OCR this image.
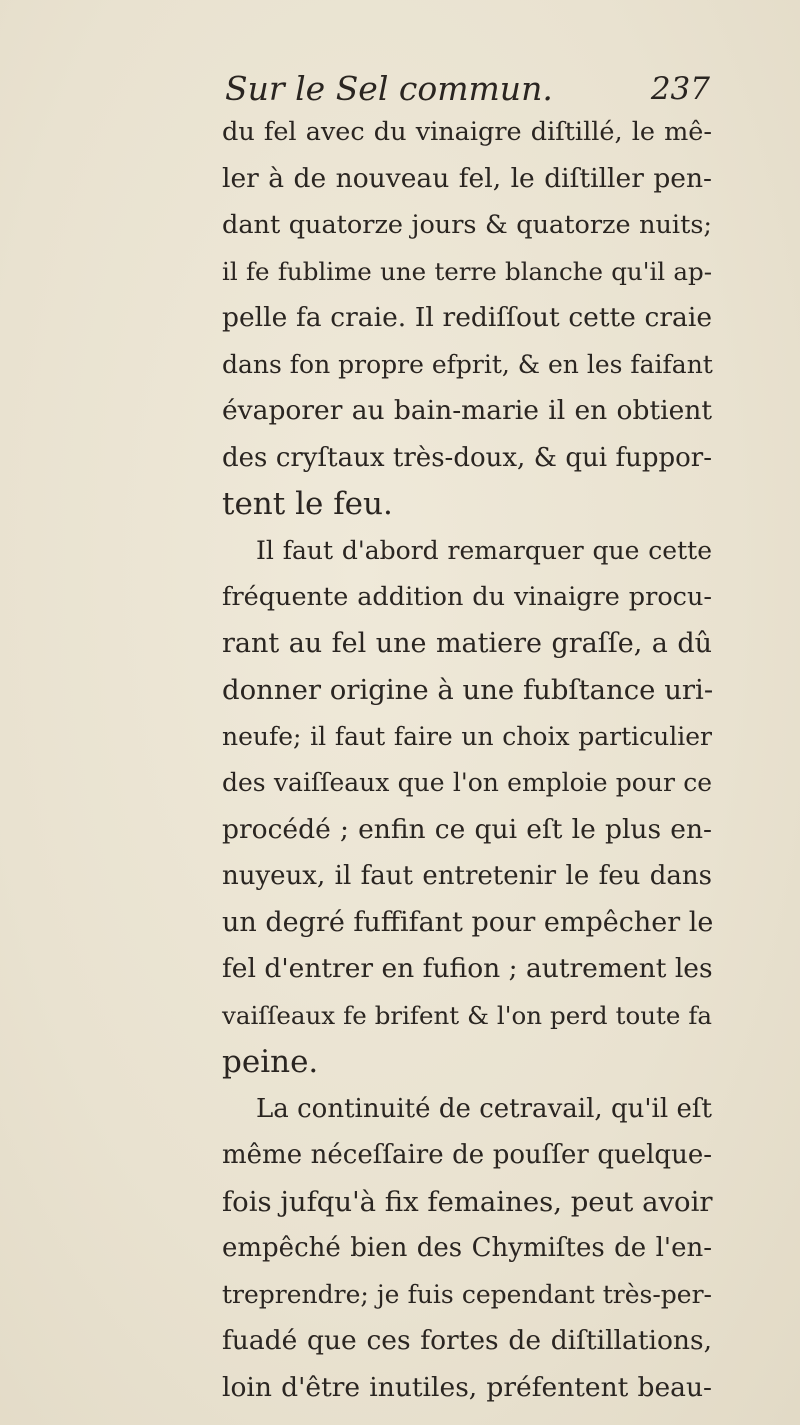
Sur le Sel commun.	237
du fel avec du vinaigre diſtillé, le mê-
ler à de nouveau fel, le diſtiller pen-
dant quatorze jours & quatorze nuits;
il fe fublime une terre blanche qu'il ap-
pelle fa craie. Il rediſſout cette craie
dans fon propre efprit, & en les faifant
évaporer au bain-marie il en obtient
des cryſtaux très-doux, & qui fuppor-
tent le feu.
Il faut d'abord remarquer que cette
fréquente addition du vinaigre procu-
rant au fel une matiere graſſe, a dû
donner origine à une fubſtance uri-
neufe; il faut faire un choix particulier
des vaiſſeaux que l'on emploie pour ce
procédé ; enfin ce qui eſt le plus en-
nuyeux, il faut entretenir le feu dans
un degré fuffifant pour empêcher le
fel d'entrer en fufion ; autrement les
vaiſſeaux fe brifent & l'on perd toute fa
peine.
La continuité de cetravail, qu'il eſt
même néceſſaire de pouſſer quelque-
fois jufqu'à fix femaines, peut avoir
empêché bien des Chymiſtes de l'en-
treprendre; je fuis cependant très-per-
fuadé que ces fortes de diſtillations,
loin d'être inutiles, préfentent beau-
